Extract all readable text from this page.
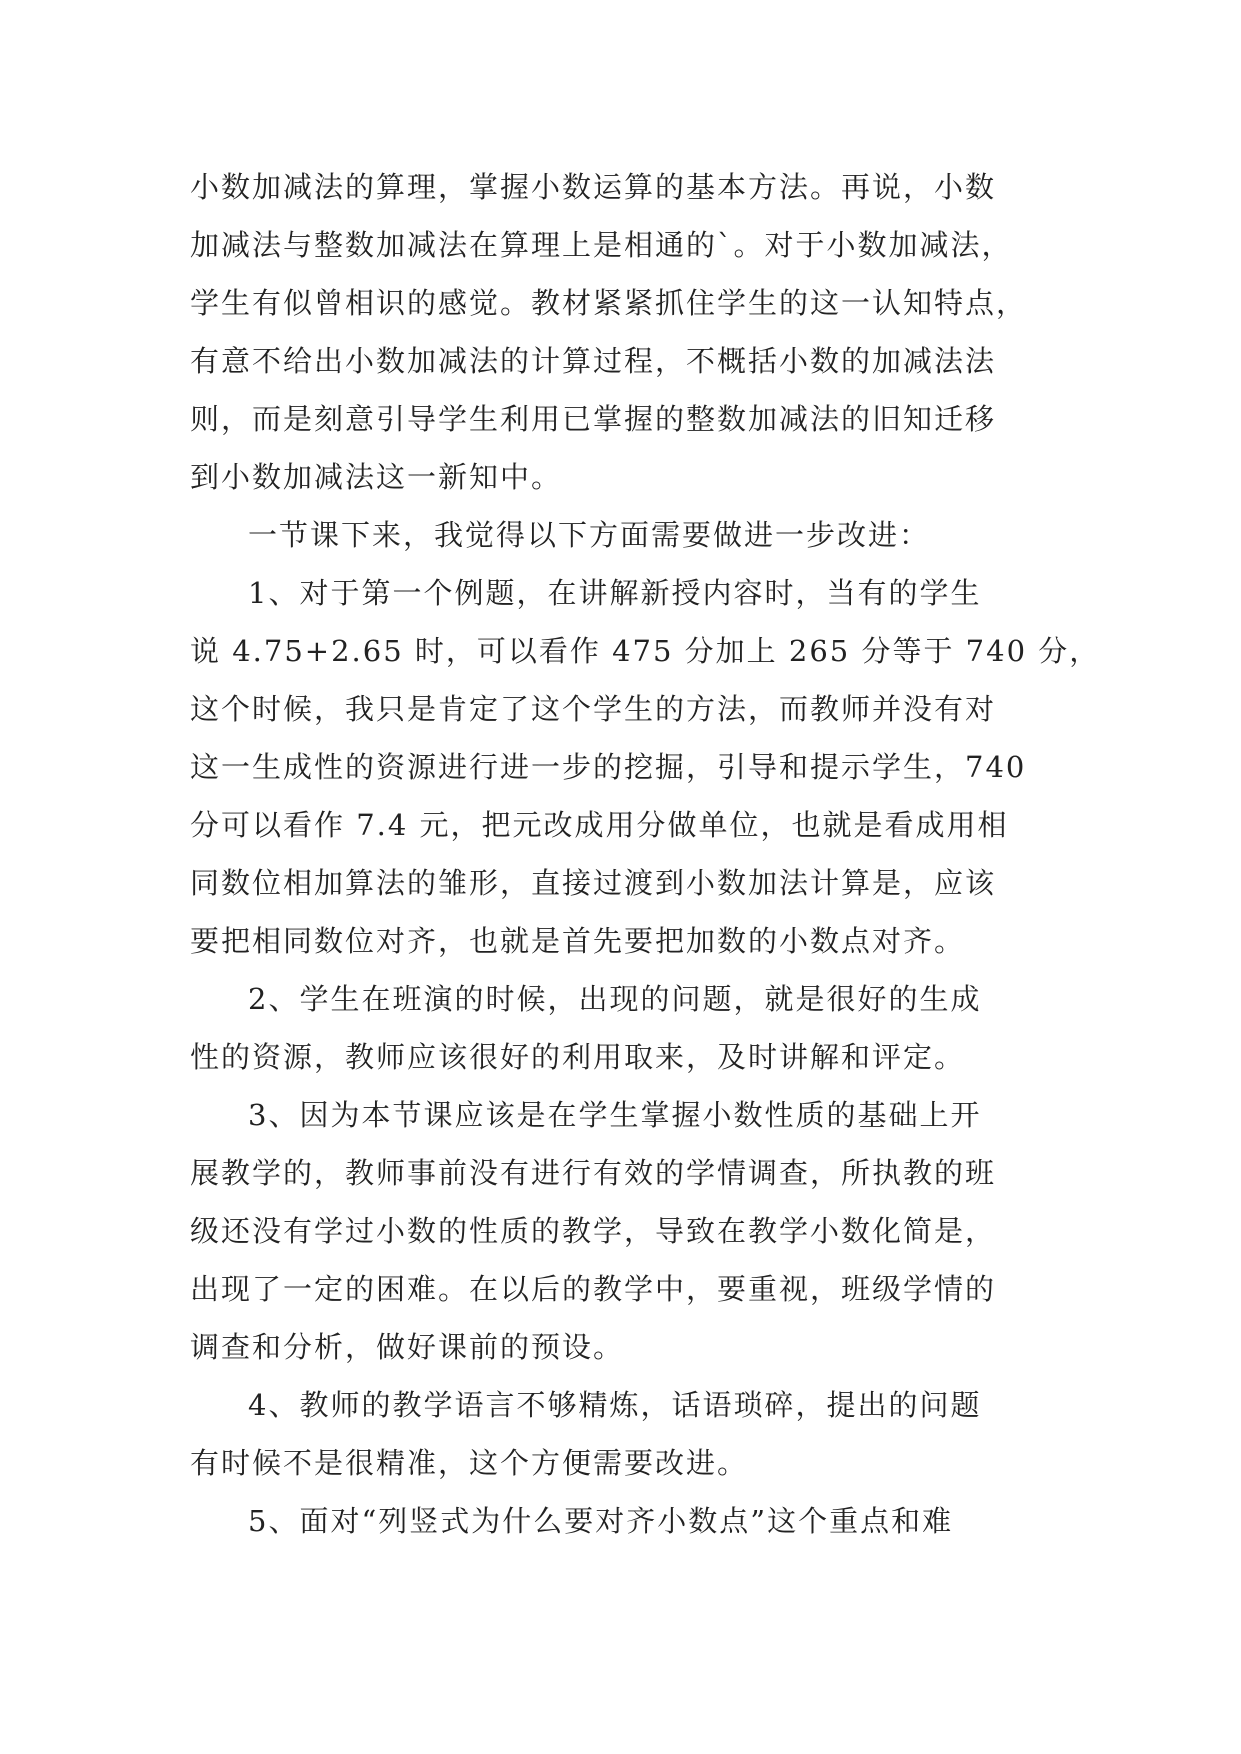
小数加减法的算理，掌握小数运算的基本方法。再说，小数
加减法与整数加减法在算理上是相通的`。对于小数加减法，
学生有似曾相识的感觉。教材紧紧抓住学生的这一认知特点，
有意不给出小数加减法的计算过程，不概括小数的加减法法
则，而是刻意引导学生利用已掌握的整数加减法的旧知迁移
到小数加减法这一新知中。
一节课下来，我觉得以下方面需要做进一步改进：
1、对于第一个例题，在讲解新授内容时，当有的学生
说 4.75+2.65 时，可以看作 475 分加上 265 分等于 740 分，
这个时候，我只是肯定了这个学生的方法，而教师并没有对
这一生成性的资源进行进一步的挖掘，引导和提示学生，740
分可以看作 7.4 元，把元改成用分做单位，也就是看成用相
同数位相加算法的雏形，直接过渡到小数加法计算是，应该
要把相同数位对齐，也就是首先要把加数的小数点对齐。
2、学生在班演的时候，出现的问题，就是很好的生成
性的资源，教师应该很好的利用取来，及时讲解和评定。
3、因为本节课应该是在学生掌握小数性质的基础上开
展教学的，教师事前没有进行有效的学情调查，所执教的班
级还没有学过小数的性质的教学，导致在教学小数化简是，
出现了一定的困难。在以后的教学中，要重视，班级学情的
调查和分析，做好课前的预设。
4、教师的教学语言不够精炼，话语琐碎，提出的问题
有时候不是很精准，这个方便需要改进。
5、面对“列竖式为什么要对齐小数点”这个重点和难
